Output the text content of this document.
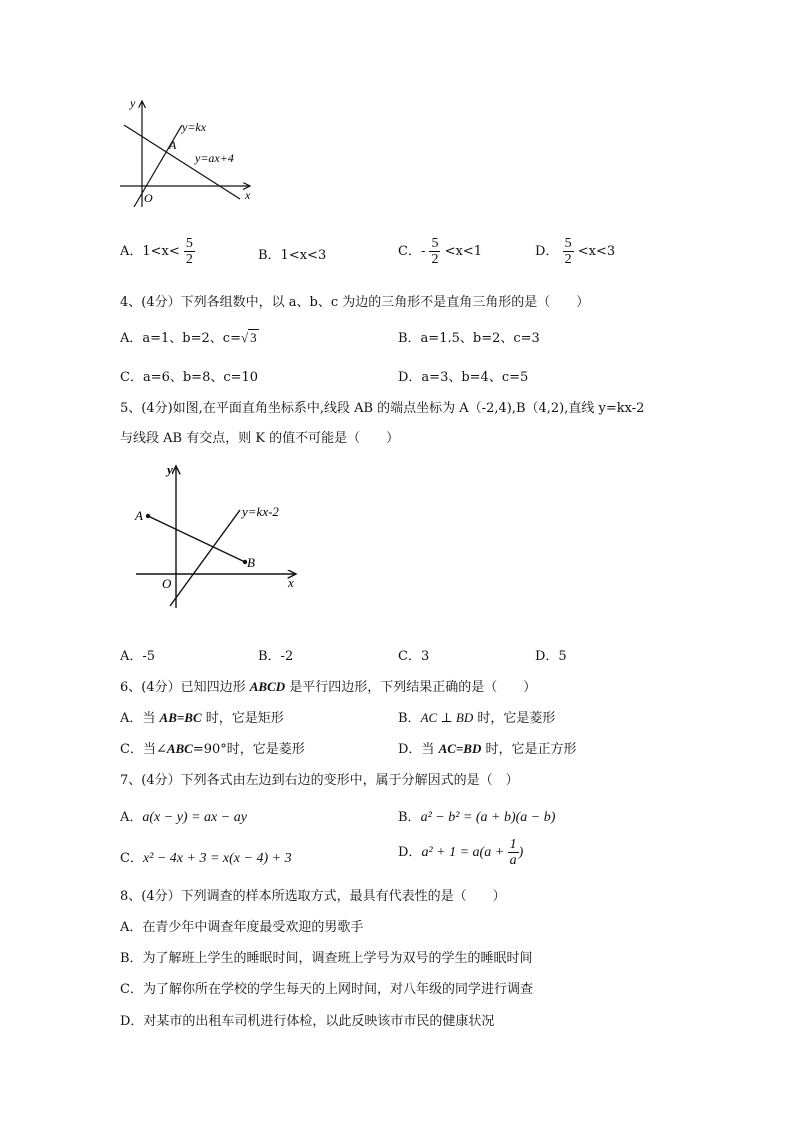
y
x
O
y=kx
A
y=ax+4
A．$1<x< \frac{5}{2}$	B．1<x<3	C．- $\frac{5}{2} <x<1$	D． $\frac{5}{2} <x<3$
4、(4分）下列各组数中，以 a、b、c 为边的三角形不是直角三角形的是（　　）
A．a=1、b=2、c=√ 3	B．a=1.5、b=2、c=3
C．a=6、b=8、c=10	D．a=3、b=4、c=5
5、(4分)如图,在平面直角坐标系中,线段 AB 的端点坐标为 A（-2,4),B（4,2),直线 y=kx-2
与线段 AB 有交点，则 K 的值不可能是（　　）
y
x
O
A
B
y=kx-2
A．-5	B．-2	C．3	D．5
6、(4分）已知四边形 ABCD 是平行四边形，下列结果正确的是（　　）
A．当 AB=BC 时，它是矩形	B．AC ⊥ BD 时，它是菱形
C．当∠ABC=90°时，它是菱形	D．当 AC=BD 时，它是正方形
7、(4分）下列各式由左边到右边的变形中，属于分解因式的是（　）
A．a(x − y) = ax − ay	B．a² − b² = (a + b)(a − b)
C．x² − 4x + 3 = x(x − 4) + 3	D．$a^2 + 1 = a(a + \frac{1}{a}$ )
8、(4分）下列调查的样本所选取方式，最具有代表性的是（　　）
A．在青少年中调查年度最受欢迎的男歌手
B．为了解班上学生的睡眠时间，调查班上学号为双号的学生的睡眠时间
C．为了解你所在学校的学生每天的上网时间，对八年级的同学进行调查
D．对某市的出租车司机进行体检，以此反映该市市民的健康状况
